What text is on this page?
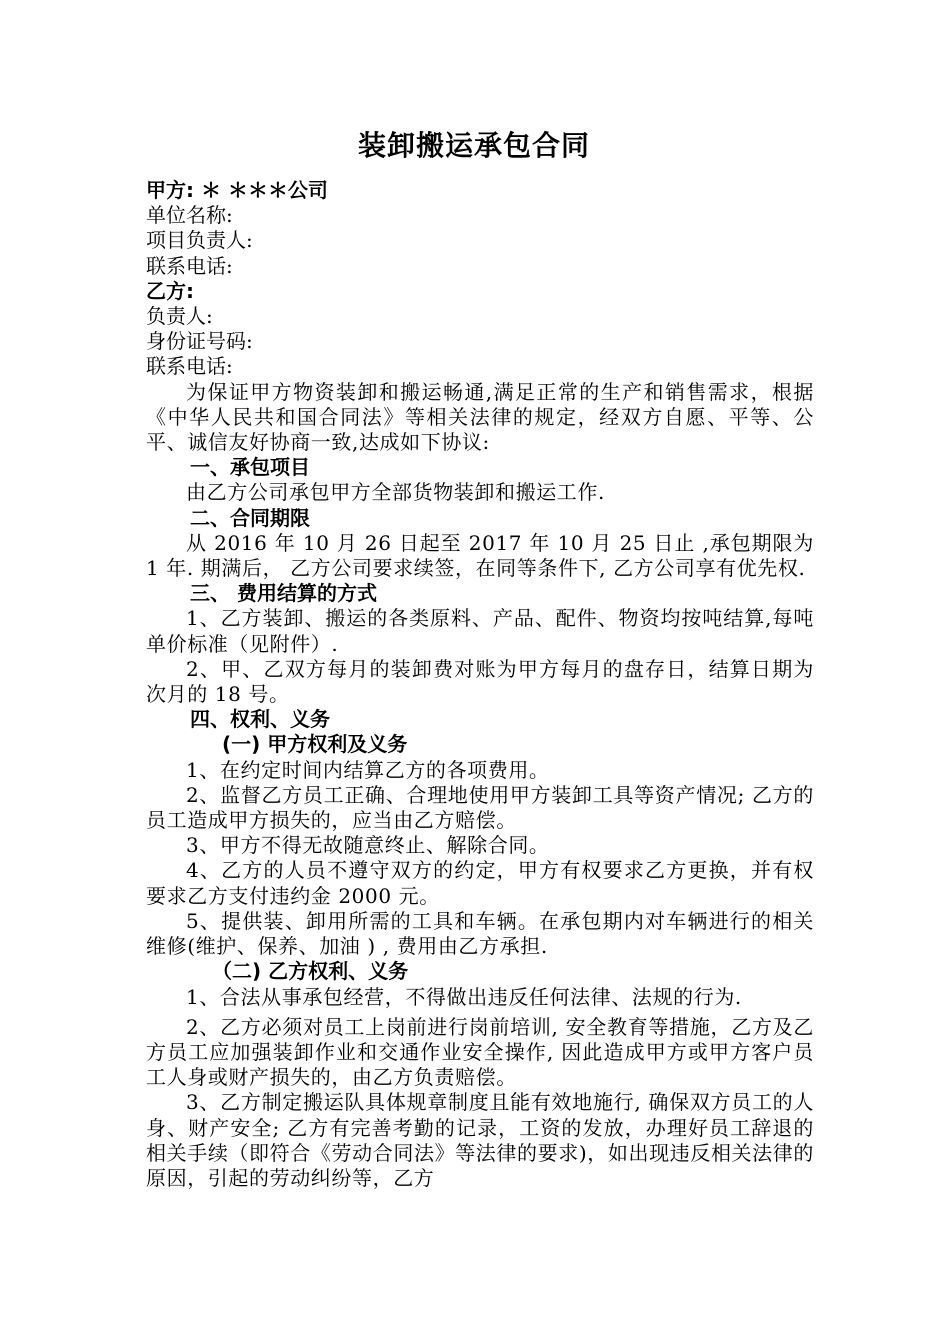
装卸搬运承包合同

甲方: ＊ ＊＊＊公司

单位名称:

项目负责人:

联系电话:

乙方:

负责人:

身份证号码:

联系电话:

为保证甲方物资装卸和搬运畅通,满足正常的生产和销售需求，根据《中华人民共和国合同法》等相关法律的规定，经双方自愿、平等、公平、诚信友好协商一致,达成如下协议:

一、承包项目

由乙方公司承包甲方全部货物装卸和搬运工作.

二、合同期限

从 2016 年 10 月 26 日起至 2017 年 10 月 25 日止 ,承包期限为 1 年. 期满后， 乙方公司要求续签，在同等条件下, 乙方公司享有优先权.

三、 费用结算的方式

1、乙方装卸、搬运的各类原料、产品、配件、物资均按吨结算,每吨单价标准（见附件）.

2、甲、乙双方每月的装卸费对账为甲方每月的盘存日，结算日期为次月的 18 号。

四、权利、义务

(一) 甲方权利及义务

1、在约定时间内结算乙方的各项费用。

2、监督乙方员工正确、合理地使用甲方装卸工具等资产情况; 乙方的员工造成甲方损失的，应当由乙方赔偿。

3、甲方不得无故随意终止、解除合同。

4、乙方的人员不遵守双方的约定，甲方有权要求乙方更换，并有权要求乙方支付违约金 2000 元。

5、提供装、卸用所需的工具和车辆。在承包期内对车辆进行的相关维修(维护、保养、加油 ) , 费用由乙方承担.

（二) 乙方权利、义务

1、合法从事承包经营，不得做出违反任何法律、法规的行为.

2、乙方必须对员工上岗前进行岗前培训, 安全教育等措施，乙方及乙方员工应加强装卸作业和交通作业安全操作, 因此造成甲方或甲方客户员工人身或财产损失的，由乙方负责赔偿。

3、乙方制定搬运队具体规章制度且能有效地施行, 确保双方员工的人身、财产安全; 乙方有完善考勤的记录，工资的发放，办理好员工辞退的相关手续（即符合《劳动合同法》等法律的要求)，如出现违反相关法律的原因，引起的劳动纠纷等，乙方
